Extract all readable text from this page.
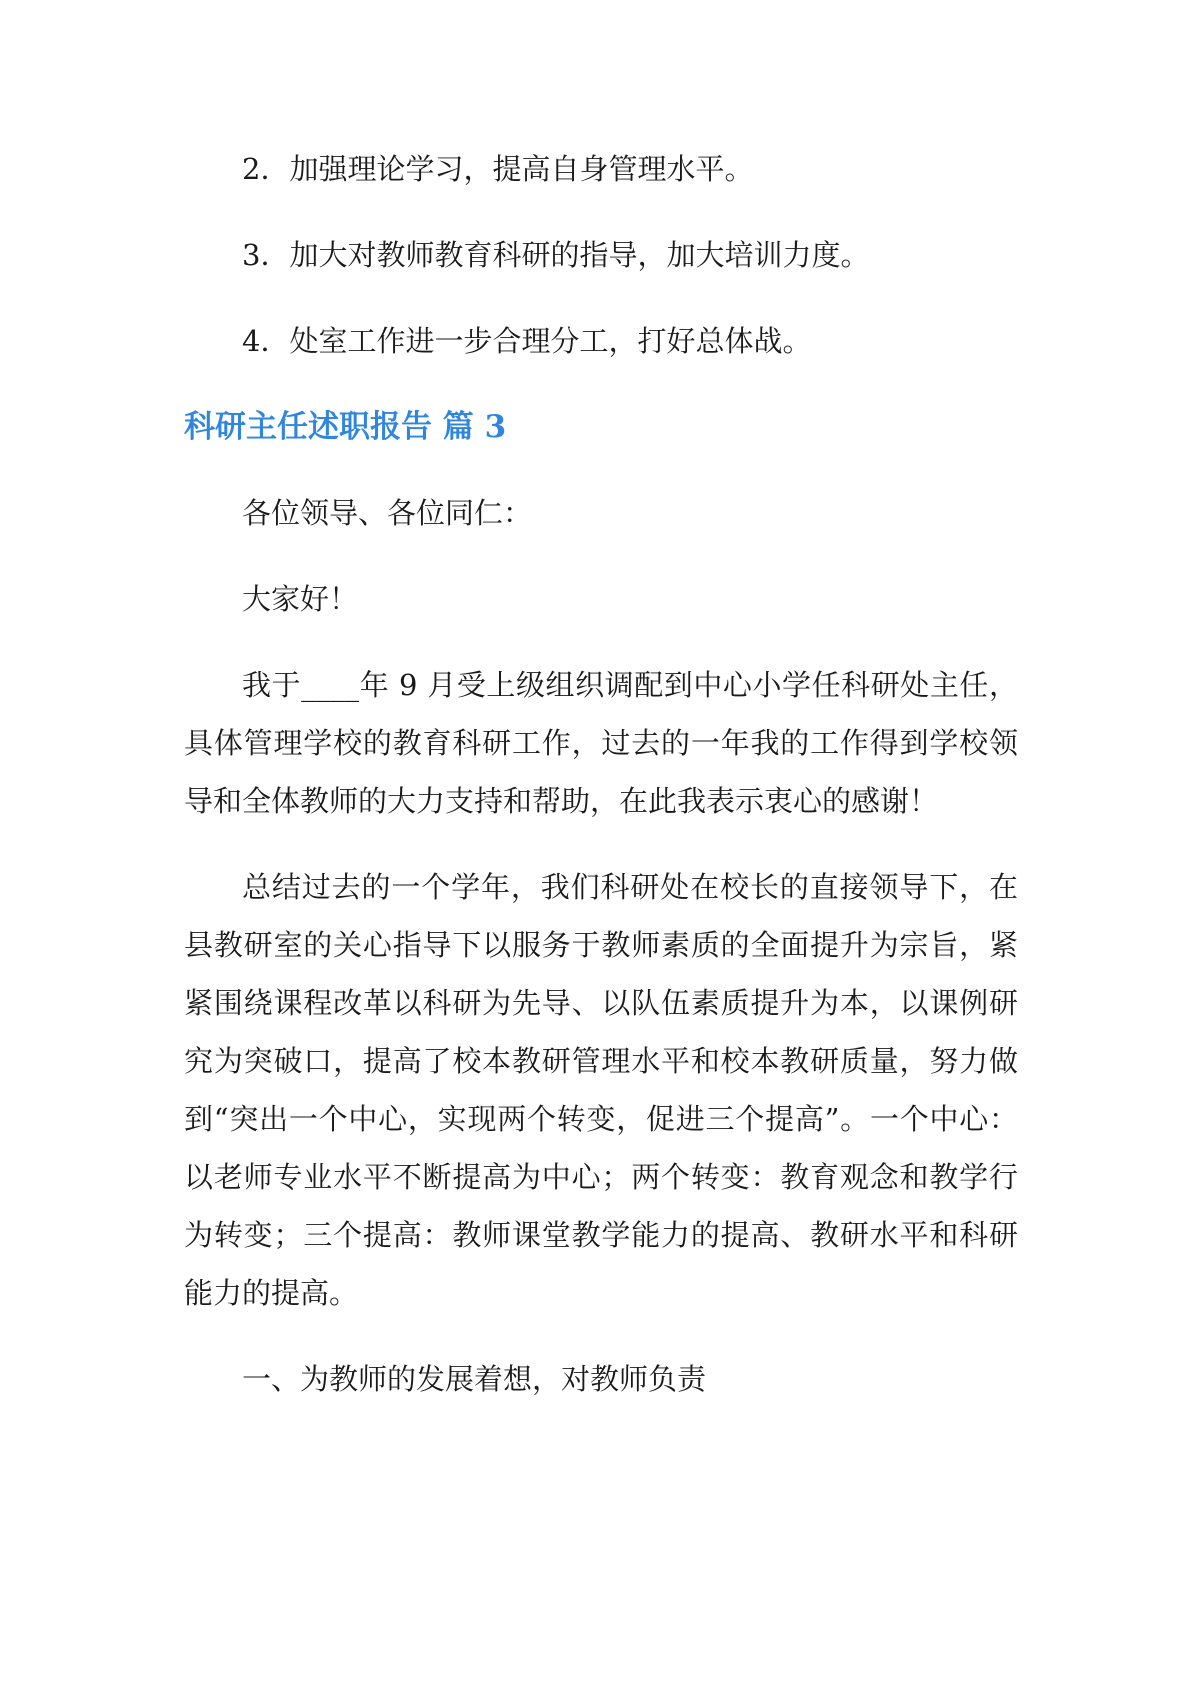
2．加强理论学习，提高自身管理水平。

3．加大对教师教育科研的指导，加大培训力度。

4．处室工作进一步合理分工，打好总体战。

科研主任述职报告 篇 3

各位领导、各位同仁：

大家好！

我于____年 9 月受上级组织调配到中心小学任科研处主任，具体管理学校的教育科研工作，过去的一年我的工作得到学校领导和全体教师的大力支持和帮助，在此我表示衷心的感谢！

总结过去的一个学年，我们科研处在校长的直接领导下，在县教研室的关心指导下以服务于教师素质的全面提升为宗旨，紧紧围绕课程改革以科研为先导、以队伍素质提升为本，以课例研究为突破口，提高了校本教研管理水平和校本教研质量，努力做到“突出一个中心，实现两个转变，促进三个提高”。一个中心：以老师专业水平不断提高为中心；两个转变：教育观念和教学行为转变；三个提高：教师课堂教学能力的提高、教研水平和科研能力的提高。

一、为教师的发展着想，对教师负责
